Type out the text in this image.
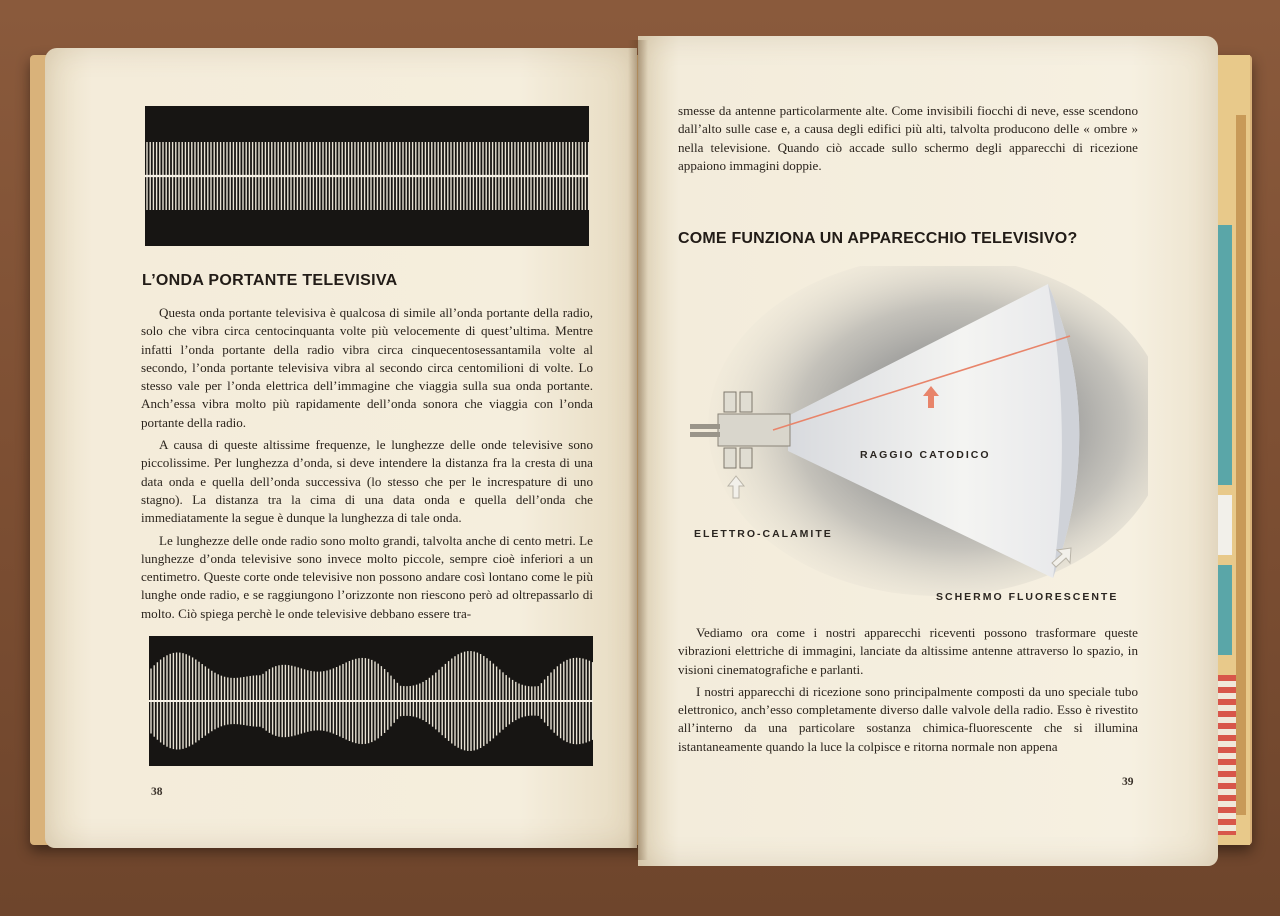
L’ONDA PORTANTE TELEVISIVA

Questa onda portante televisiva è qualcosa di simile all’onda portante della radio, solo che vibra circa centocinquanta volte più velocemente di quest’ultima. Mentre infatti l’onda portante della radio vibra circa cinquecentosessantamila volte al secondo, l’onda portante televisiva vibra al secondo circa centomilioni di volte. Lo stesso vale per l’onda elettrica dell’immagine che viaggia sulla sua onda portante. Anch’essa vibra molto più rapidamente dell’onda sonora che viaggia con l’onda portante della radio.

A causa di queste altissime frequenze, le lunghezze delle onde televisive sono piccolissime. Per lunghezza d’onda, si deve intendere la distanza fra la cresta di una data onda e quella dell’onda successiva (lo stesso che per le increspature di uno stagno). La distanza tra la cima di una data onda e quella dell’onda che immediatamente la segue è dunque la lunghezza di tale onda.

Le lunghezze delle onde radio sono molto grandi, talvolta anche di cento metri. Le lunghezze d’onda televisive sono invece molto piccole, sempre cioè inferiori a un centimetro. Queste corte onde televisive non possono andare così lontano come le più lunghe onde radio, e se raggiungono l’orizzonte non riescono però ad oltrepassarlo di molto. Ciò spiega perchè le onde televisive debbano essere tra-

38

smesse da antenne particolarmente alte. Come invisibili fiocchi di neve, esse scendono dall’alto sulle case e, a causa degli edifici più alti, talvolta producono delle « ombre » nella televisione. Quando ciò accade sullo schermo degli apparecchi di ricezione appaiono immagini doppie.

COME FUNZIONA UN APPARECCHIO TELEVISIVO?
RAGGIO CATODICO
ELETTRO-CALAMITE
SCHERMO FLUORESCENTE

Vediamo ora come i nostri apparecchi riceventi possono trasformare queste vibrazioni elettriche di immagini, lanciate da altissime antenne attraverso lo spazio, in visioni cinematografiche e parlanti.

I nostri apparecchi di ricezione sono principalmente composti da uno speciale tubo elettronico, anch’esso completamente diverso dalle valvole della radio. Esso è rivestito all’interno da una particolare sostanza chimica-fluorescente che si illumina istantaneamente quando la luce la colpisce e ritorna normale non appena

39
